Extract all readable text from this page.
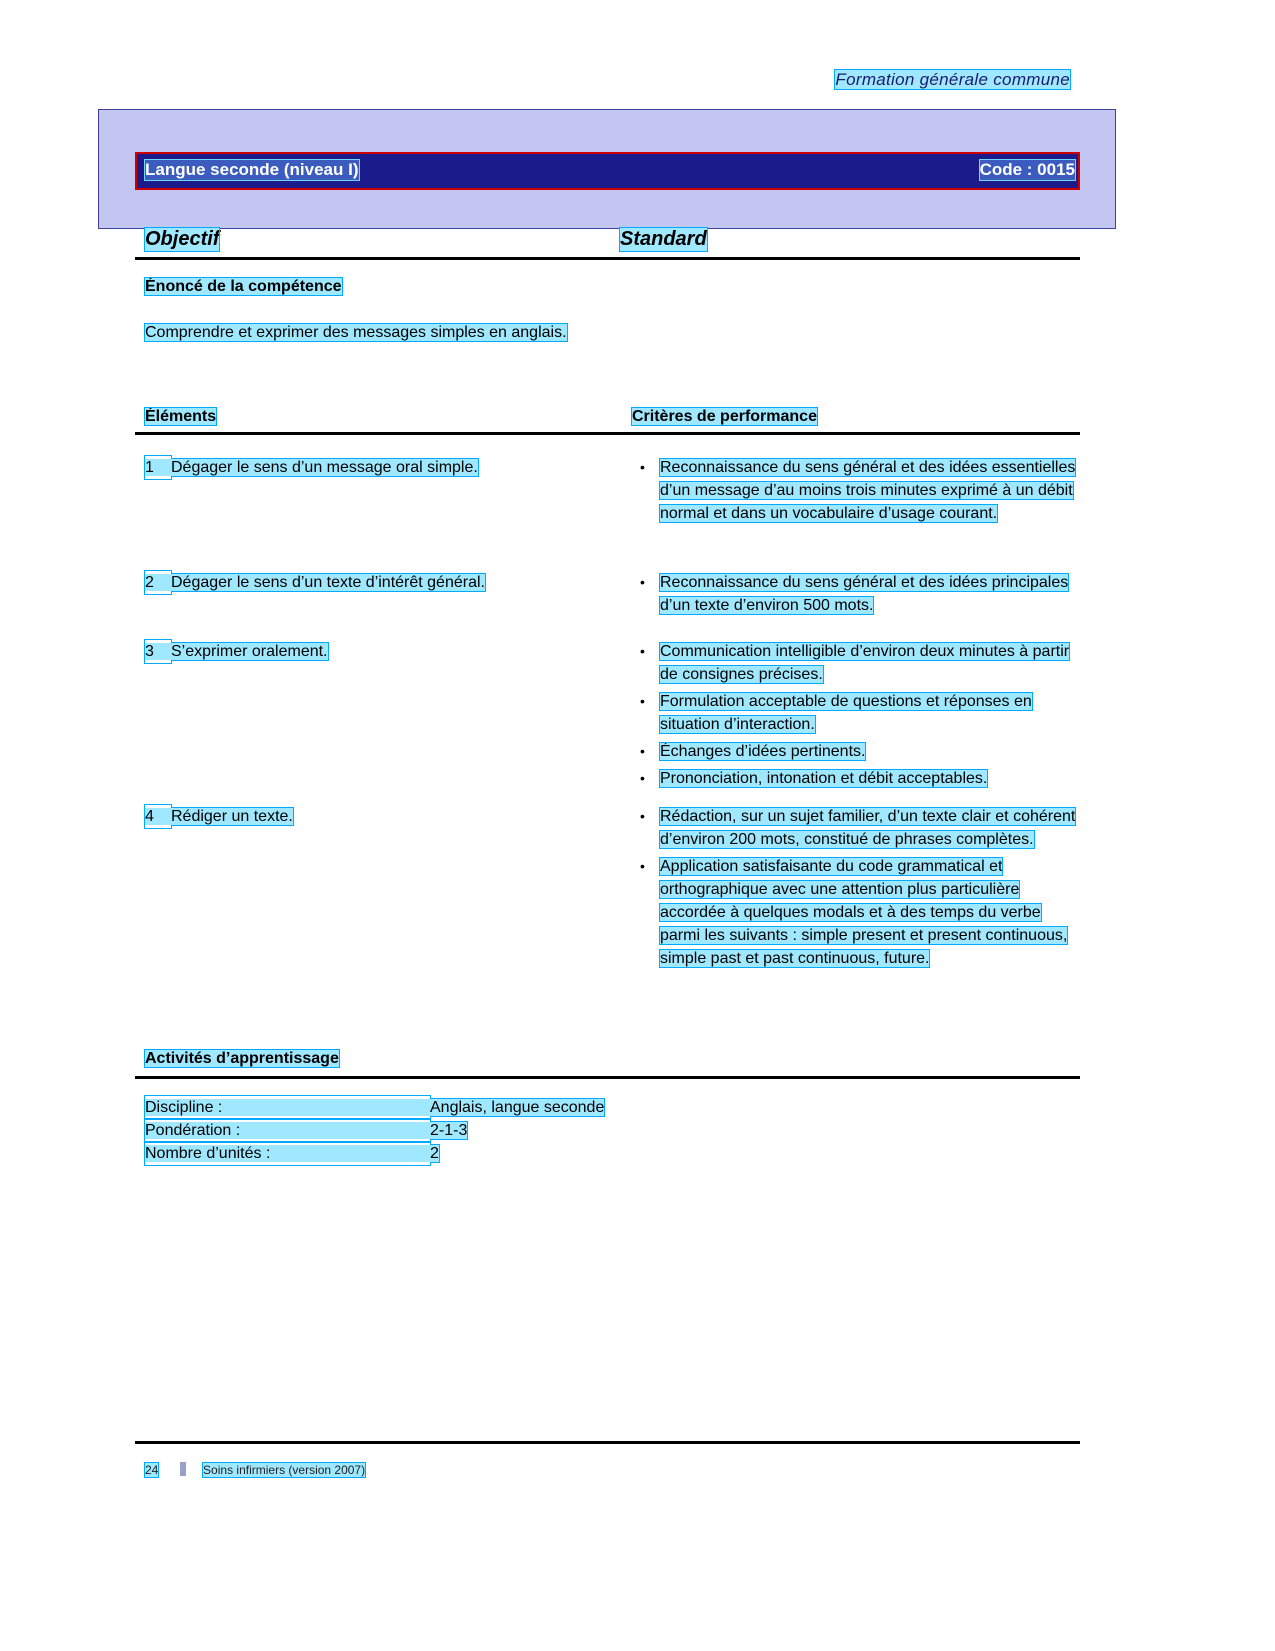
Formation générale commune
Langue seconde (niveau I)	Code : 0015
Objectif	Standard
Énoncé de la compétence
Comprendre et exprimer des messages simples en anglais.
Éléments	Critères de performance
1 Dégager le sens d’un message oral simple.	• Reconnaissance du sens général et des idées essentielles d’un message d’au moins trois minutes exprimé à un débit normal et dans un vocabulaire d’usage courant.
2 Dégager le sens d’un texte d’intérêt général.	• Reconnaissance du sens général et des idées principales d’un texte d’environ 500 mots.
3 S’exprimer oralement.	• Communication intelligible d’environ deux minutes à partir de consignes précises.
• Formulation acceptable de questions et réponses en situation d’interaction.
• Échanges d’idées pertinents.
• Prononciation, intonation et débit acceptables.
4 Rédiger un texte.	• Rédaction, sur un sujet familier, d’un texte clair et cohérent d’environ 200 mots, constitué de phrases complètes.
• Application satisfaisante du code grammatical et orthographique avec une attention plus particulière accordée à quelques modals et à des temps du verbe parmi les suivants : simple present et present continuous, simple past et past continuous, future.
Activités d’apprentissage
Discipline :	Anglais, langue seconde
Pondération :	2-1-3
Nombre d’unités :	2
24	Soins infirmiers (version 2007)
